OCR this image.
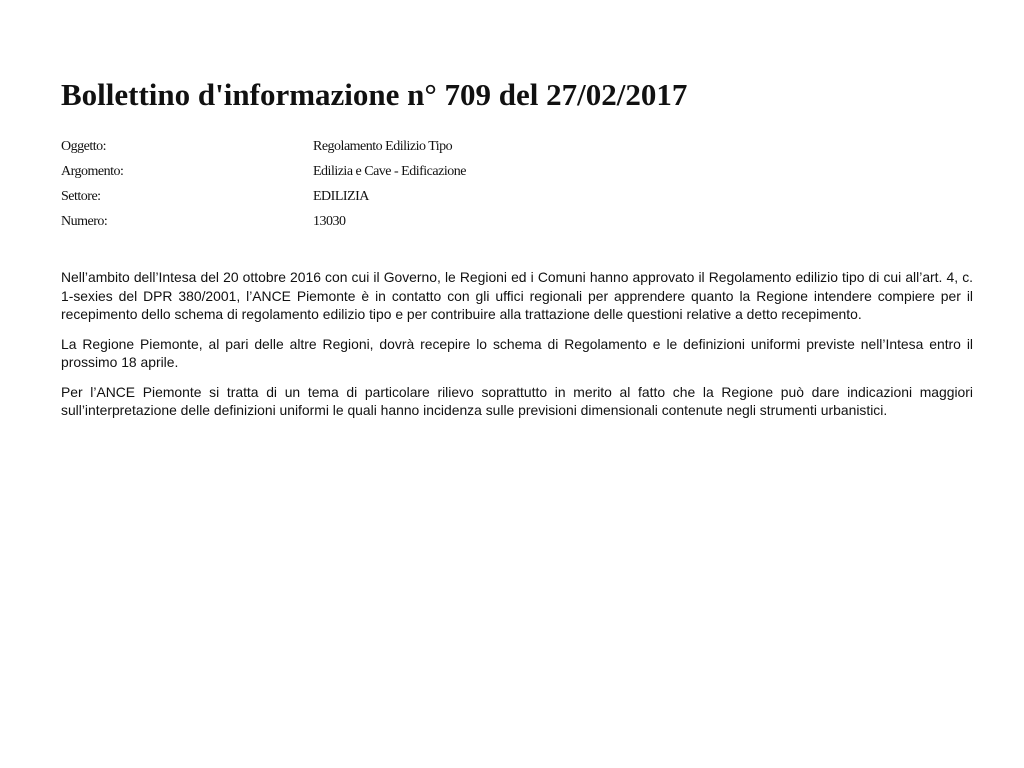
Bollettino d'informazione n° 709 del 27/02/2017
Oggetto:	Regolamento Edilizio Tipo
Argomento:	Edilizia e Cave - Edificazione
Settore:	EDILIZIA
Numero:	13030

Nell’ambito dell’Intesa del 20 ottobre 2016 con cui il Governo, le Regioni ed i Comuni hanno approvato il Regolamento edilizio tipo di cui all’art. 4, c. 1-sexies del DPR 380/2001, l’ANCE Piemonte è in contatto con gli uffici regionali per apprendere quanto la Regione intendere compiere per il recepimento dello schema di regolamento edilizio tipo e per contribuire alla trattazione delle questioni relative a detto recepimento.

La Regione Piemonte, al pari delle altre Regioni, dovrà recepire lo schema di Regolamento e le definizioni uniformi previste nell’Intesa entro il prossimo 18 aprile.

Per l’ANCE Piemonte si tratta di un tema di particolare rilievo soprattutto in merito al fatto che la Regione può dare indicazioni maggiori sull’interpretazione delle definizioni uniformi le quali hanno incidenza sulle previsioni dimensionali contenute negli strumenti urbanistici.
